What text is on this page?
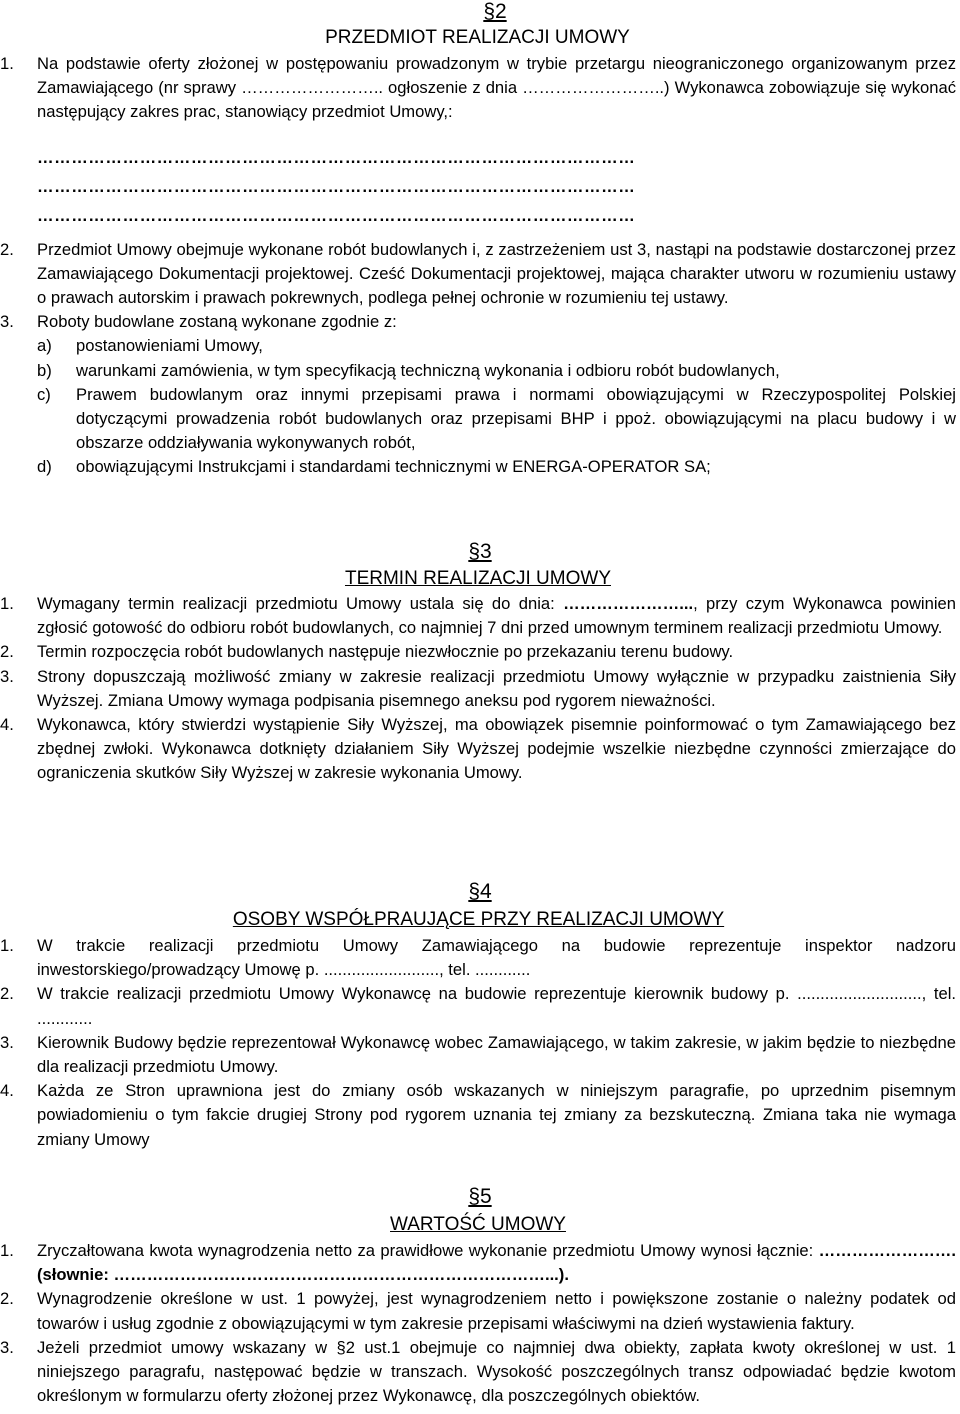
§2
PRZEDMIOT REALIZACJI UMOWY
1. Na podstawie oferty złożonej w postępowaniu prowadzonym w trybie przetargu nieograniczonego organizowanym przez Zamawiającego (nr sprawy …………………….. ogłoszenie z dnia ……………………..) Wykonawca zobowiązuje się wykonać następujący zakres prac, stanowiący przedmiot Umowy,:
……………………………………………………………………………………………
……………………………………………………………………………………………
……………………………………………………………………………………………
2. Przedmiot Umowy obejmuje wykonane robót budowlanych i, z zastrzeżeniem ust 3, nastąpi na podstawie dostarczonej przez Zamawiającego Dokumentacji projektowej. Cześć Dokumentacji projektowej, mająca charakter utworu w rozumieniu ustawy o prawach autorskim i prawach pokrewnych, podlega pełnej ochronie w rozumieniu tej ustawy.
3. Roboty budowlane zostaną wykonane zgodnie z:
a) postanowieniami Umowy,
b) warunkami zamówienia, w tym specyfikacją techniczną wykonania i odbioru robót budowlanych,
c) Prawem budowlanym oraz innymi przepisami prawa i normami obowiązującymi w Rzeczypospolitej Polskiej dotyczącymi prowadzenia robót budowlanych oraz przepisami BHP i ppoż. obowiązującymi na placu budowy i w obszarze oddziaływania wykonywanych robót,
d) obowiązującymi Instrukcjami i standardami technicznymi w ENERGA-OPERATOR SA;
§3
TERMIN REALIZACJI UMOWY
1. Wymagany termin realizacji przedmiotu Umowy ustala się do dnia: …………………..., przy czym Wykonawca powinien zgłosić gotowość do odbioru robót budowlanych, co najmniej 7 dni przed umownym terminem realizacji przedmiotu Umowy.
2. Termin rozpoczęcia robót budowlanych następuje niezwłocznie po przekazaniu terenu budowy.
3. Strony dopuszczają możliwość zmiany w zakresie realizacji przedmiotu Umowy wyłącznie w przypadku zaistnienia Siły Wyższej. Zmiana Umowy wymaga podpisania pisemnego aneksu pod rygorem nieważności.
4. Wykonawca, który stwierdzi wystąpienie Siły Wyższej, ma obowiązek pisemnie poinformować o tym Zamawiającego bez zbędnej zwłoki. Wykonawca dotknięty działaniem Siły Wyższej podejmie wszelkie niezbędne czynności zmierzające do ograniczenia skutków Siły Wyższej w zakresie wykonania Umowy.
§4
OSOBY WSPÓŁPRAUJĄCE PRZY REALIZACJI UMOWY
1. W trakcie realizacji przedmiotu Umowy Zamawiającego na budowie reprezentuje inspektor nadzoru inwestorskiego/prowadzący Umowę p. ........................., tel. ............
2. W trakcie realizacji przedmiotu Umowy Wykonawcę na budowie reprezentuje kierownik budowy p. ..........................., tel. ............
3. Kierownik Budowy będzie reprezentował Wykonawcę wobec Zamawiającego, w takim zakresie, w jakim będzie to niezbędne dla realizacji przedmiotu Umowy.
4. Każda ze Stron uprawniona jest do zmiany osób wskazanych w niniejszym paragrafie, po uprzednim pisemnym powiadomieniu o tym fakcie drugiej Strony pod rygorem uznania tej zmiany za bezskuteczną. Zmiana taka nie wymaga zmiany Umowy
§5
WARTOŚĆ UMOWY
1. Zryczałtowana kwota wynagrodzenia netto za prawidłowe wykonanie przedmiotu Umowy wynosi łącznie: ……………………. (słownie: ……………………………………………………………………...).
2. Wynagrodzenie określone w ust. 1 powyżej, jest wynagrodzeniem netto i powiększone zostanie o należny podatek od towarów i usług zgodnie z obowiązującymi w tym zakresie przepisami właściwymi na dzień wystawienia faktury.
3. Jeżeli przedmiot umowy wskazany w §2 ust.1 obejmuje co najmniej dwa obiekty, zapłata kwoty określonej w ust. 1 niniejszego paragrafu, następować będzie w transzach. Wysokość poszczególnych transz odpowiadać będzie kwotom określonym w formularzu oferty złożonej przez Wykonawcę, dla poszczególnych obiektów.
